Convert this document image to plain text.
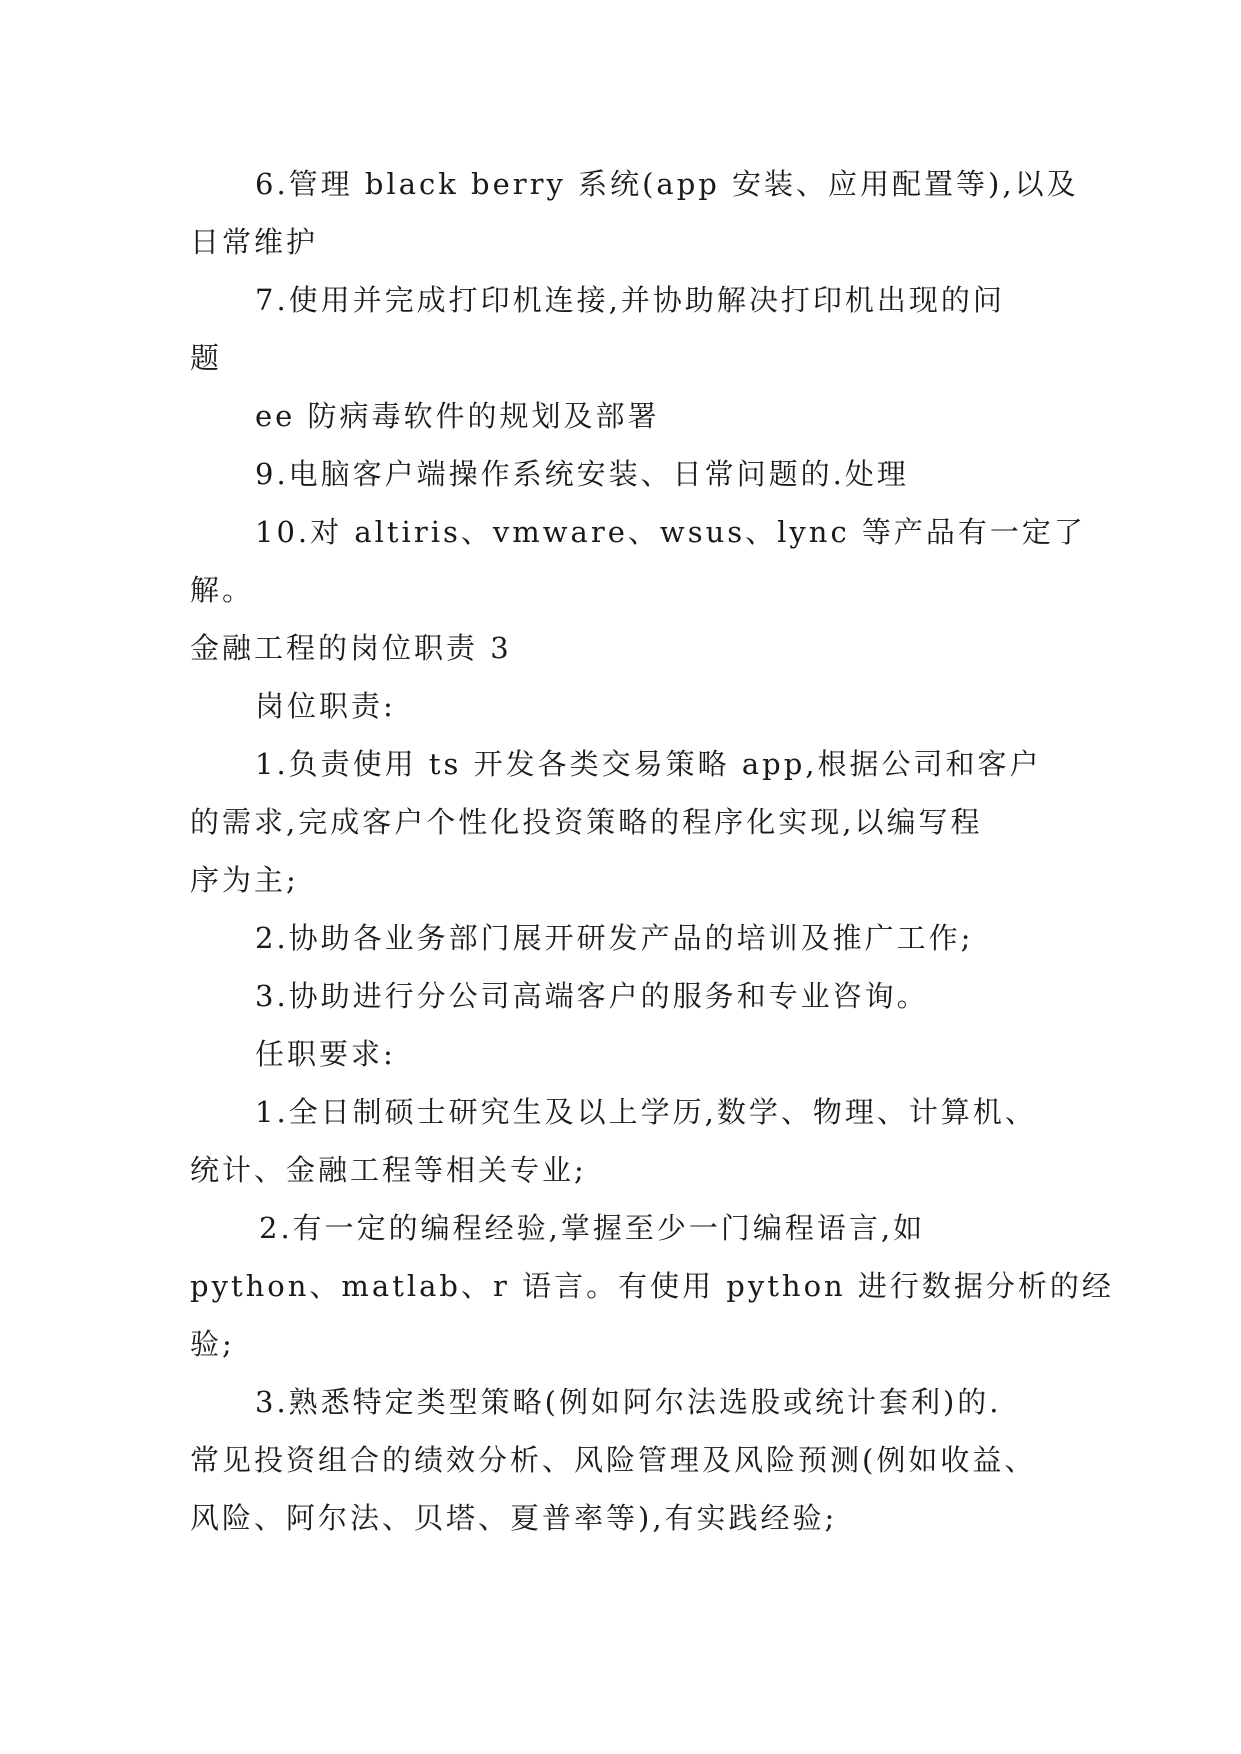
6.管理 black berry 系统(app 安装、应用配置等),以及
日常维护
7.使用并完成打印机连接,并协助解决打印机出现的问
题
ee 防病毒软件的规划及部署
9.电脑客户端操作系统安装、日常问题的.处理
10.对 altiris、vmware、wsus、lync 等产品有一定了
解。
金融工程的岗位职责 3
岗位职责:
1.负责使用 ts 开发各类交易策略 app,根据公司和客户
的需求,完成客户个性化投资策略的程序化实现,以编写程
序为主;
2.协助各业务部门展开研发产品的培训及推广工作;
3.协助进行分公司高端客户的服务和专业咨询。
任职要求:
1.全日制硕士研究生及以上学历,数学、物理、计算机、
统计、金融工程等相关专业;
2.有一定的编程经验,掌握至少一门编程语言,如
python、matlab、r 语言。有使用 python 进行数据分析的经
验;
3.熟悉特定类型策略(例如阿尔法选股或统计套利)的.
常见投资组合的绩效分析、风险管理及风险预测(例如收益、
风险、阿尔法、贝塔、夏普率等),有实践经验;
